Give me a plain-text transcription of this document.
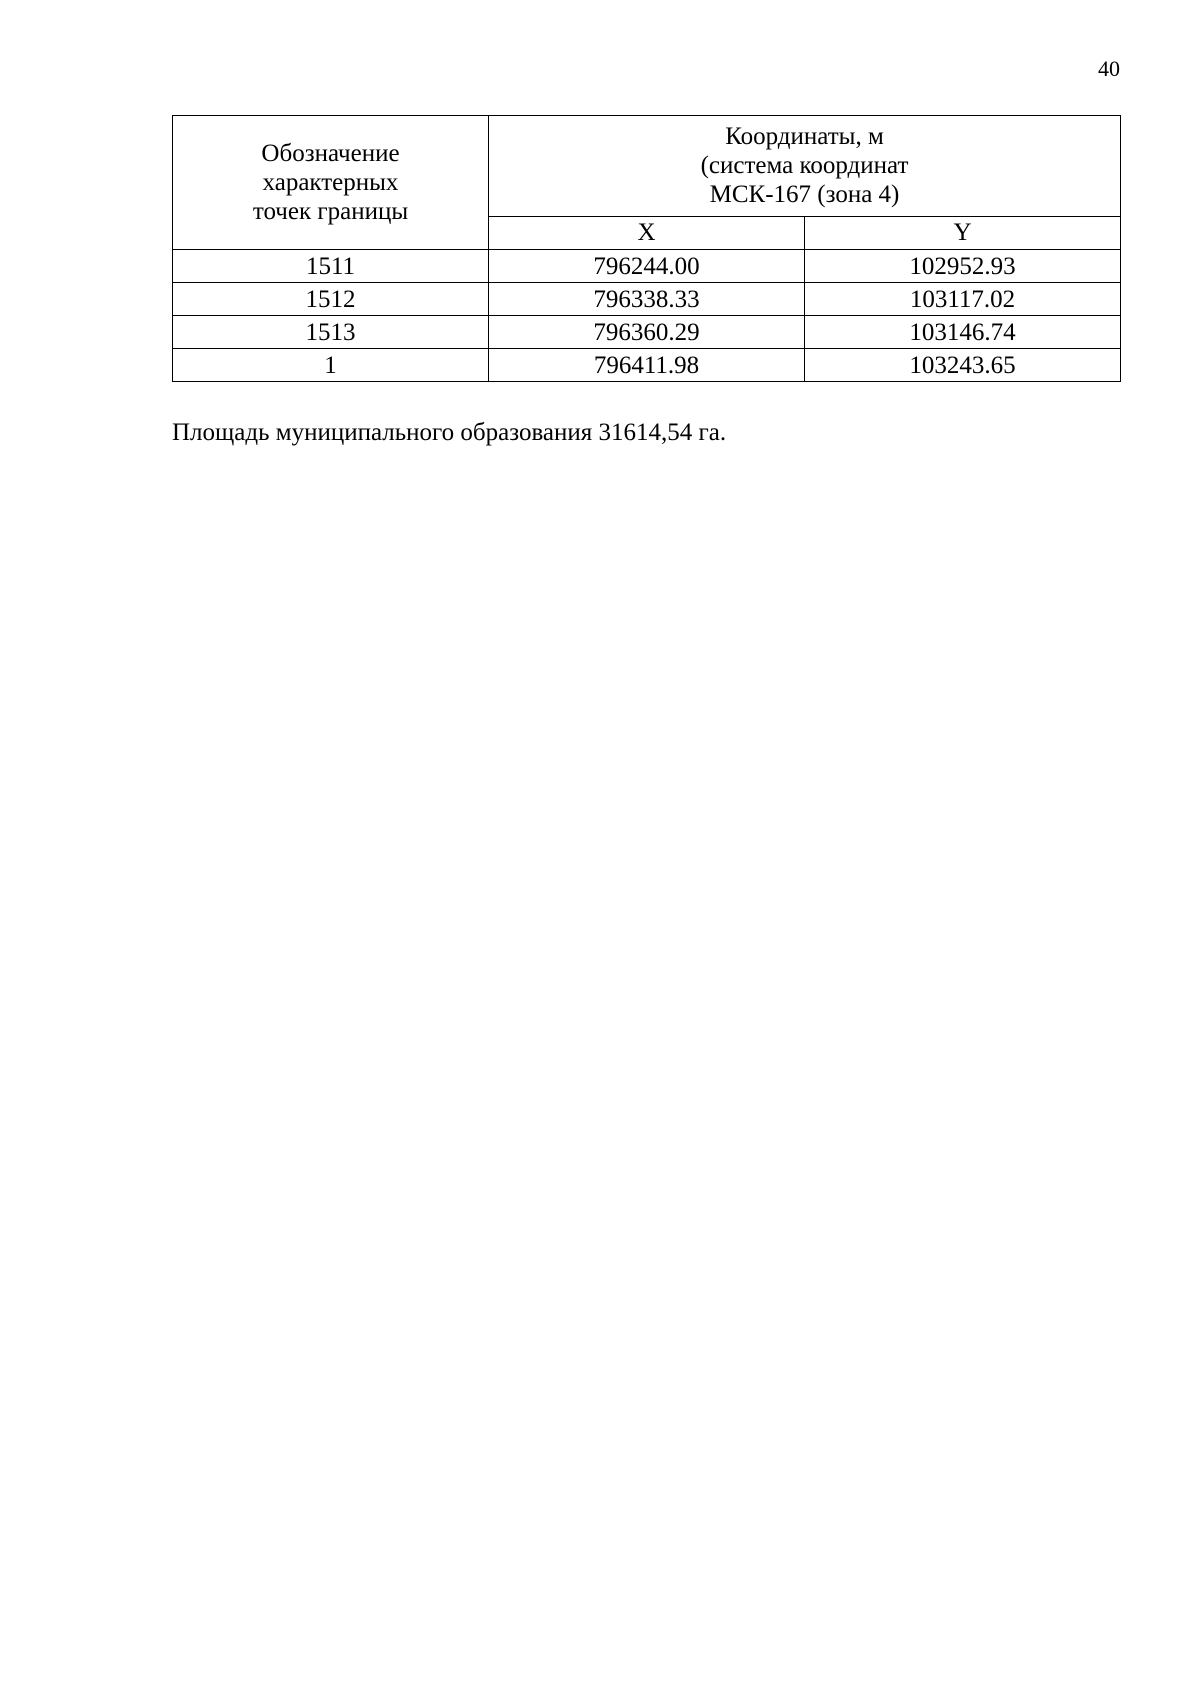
40
Обозначение
характерных
точек границы	Координаты, м
(система координат
МСК-167 (зона 4)	

	X	Y
1511	796244.00	102952.93
1512	796338.33	103117.02
1513	796360.29	103146.74
1	796411.98	103243.65

Площадь муниципального образования 31614,54 га.
